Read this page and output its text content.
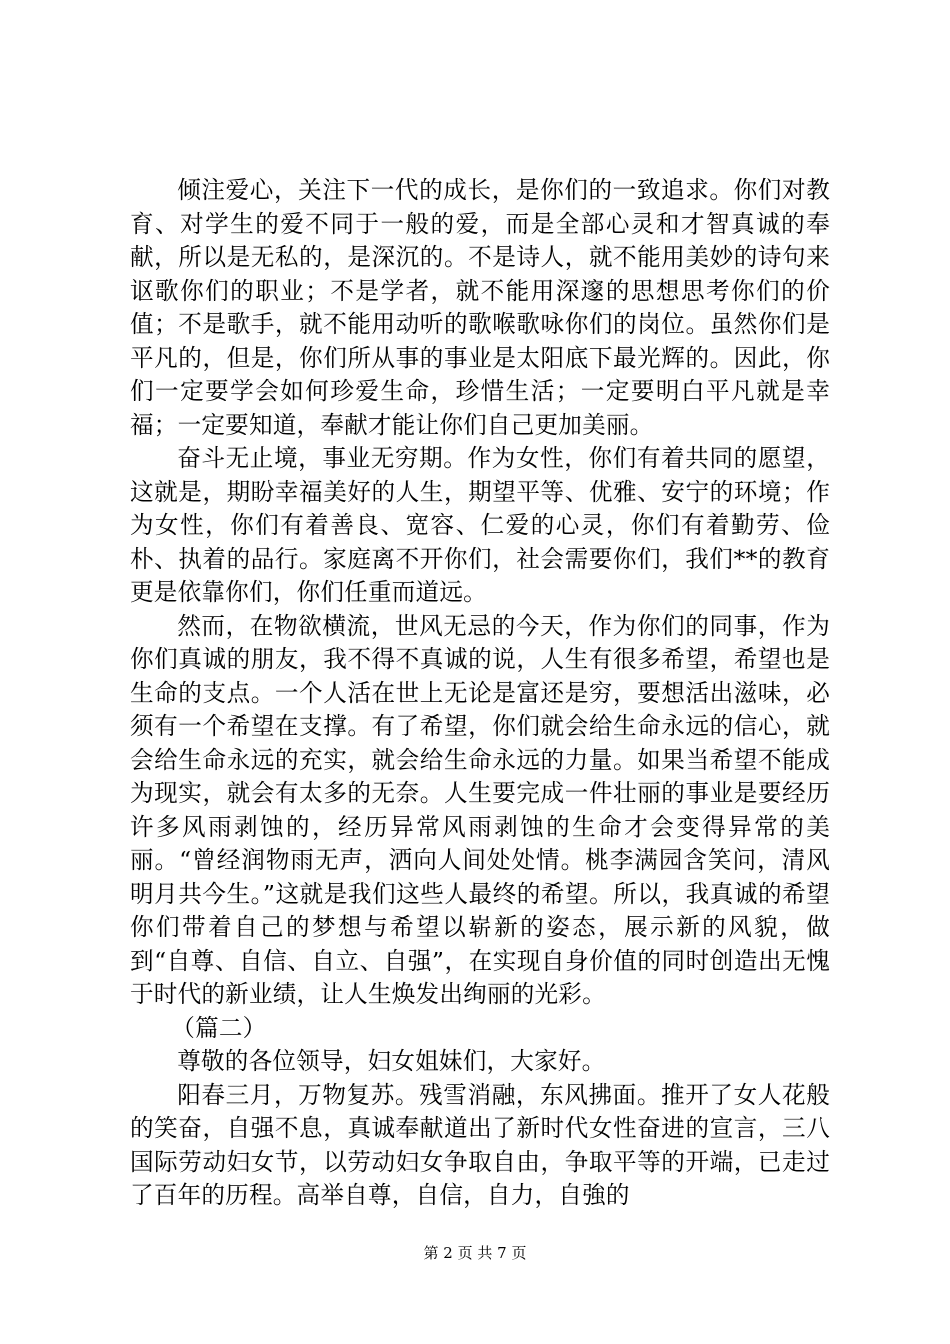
倾注爱心，关注下一代的成长，是你们的一致追求。你们对教育、对学生的爱不同于一般的爱，而是全部心灵和才智真诚的奉献，所以是无私的，是深沉的。不是诗人，就不能用美妙的诗句来讴歌你们的职业；不是学者，就不能用深邃的思想思考你们的价值；不是歌手，就不能用动听的歌喉歌咏你们的岗位。虽然你们是平凡的，但是，你们所从事的事业是太阳底下最光辉的。因此，你们一定要学会如何珍爱生命，珍惜生活；一定要明白平凡就是幸福；一定要知道，奉献才能让你们自己更加美丽。

奋斗无止境，事业无穷期。作为女性，你们有着共同的愿望，这就是，期盼幸福美好的人生，期望平等、优雅、安宁的环境；作为女性，你们有着善良、宽容、仁爱的心灵，你们有着勤劳、俭朴、执着的品行。家庭离不开你们，社会需要你们，我们**的教育更是依靠你们，你们任重而道远。

然而，在物欲横流，世风无忌的今天，作为你们的同事，作为你们真诚的朋友，我不得不真诚的说，人生有很多希望，希望也是生命的支点。一个人活在世上无论是富还是穷，要想活出滋味，必须有一个希望在支撑。有了希望，你们就会给生命永远的信心，就会给生命永远的充实，就会给生命永远的力量。如果当希望不能成为现实，就会有太多的无奈。人生要完成一件壮丽的事业是要经历许多风雨剥蚀的，经历异常风雨剥蚀的生命才会变得异常的美丽。“曾经润物雨无声，洒向人间处处情。桃李满园含笑问，清风明月共今生。”这就是我们这些人最终的希望。所以，我真诚的希望你们带着自己的梦想与希望以崭新的姿态，展示新的风貌，做到“自尊、自信、自立、自强”，在实现自身价值的同时创造出无愧于时代的新业绩，让人生焕发出绚丽的光彩。

（篇二）

尊敬的各位领导，妇女姐妹们，大家好。

阳春三月，万物复苏。残雪消融，东风拂面。推开了女人花般的笑奋，自强不息，真诚奉献道出了新时代女性奋进的宣言，三八国际劳动妇女节，以劳动妇女争取自由，争取平等的开端，已走过了百年的历程。高举自尊，自信，自力，自強的

第 2 页 共 7 页
